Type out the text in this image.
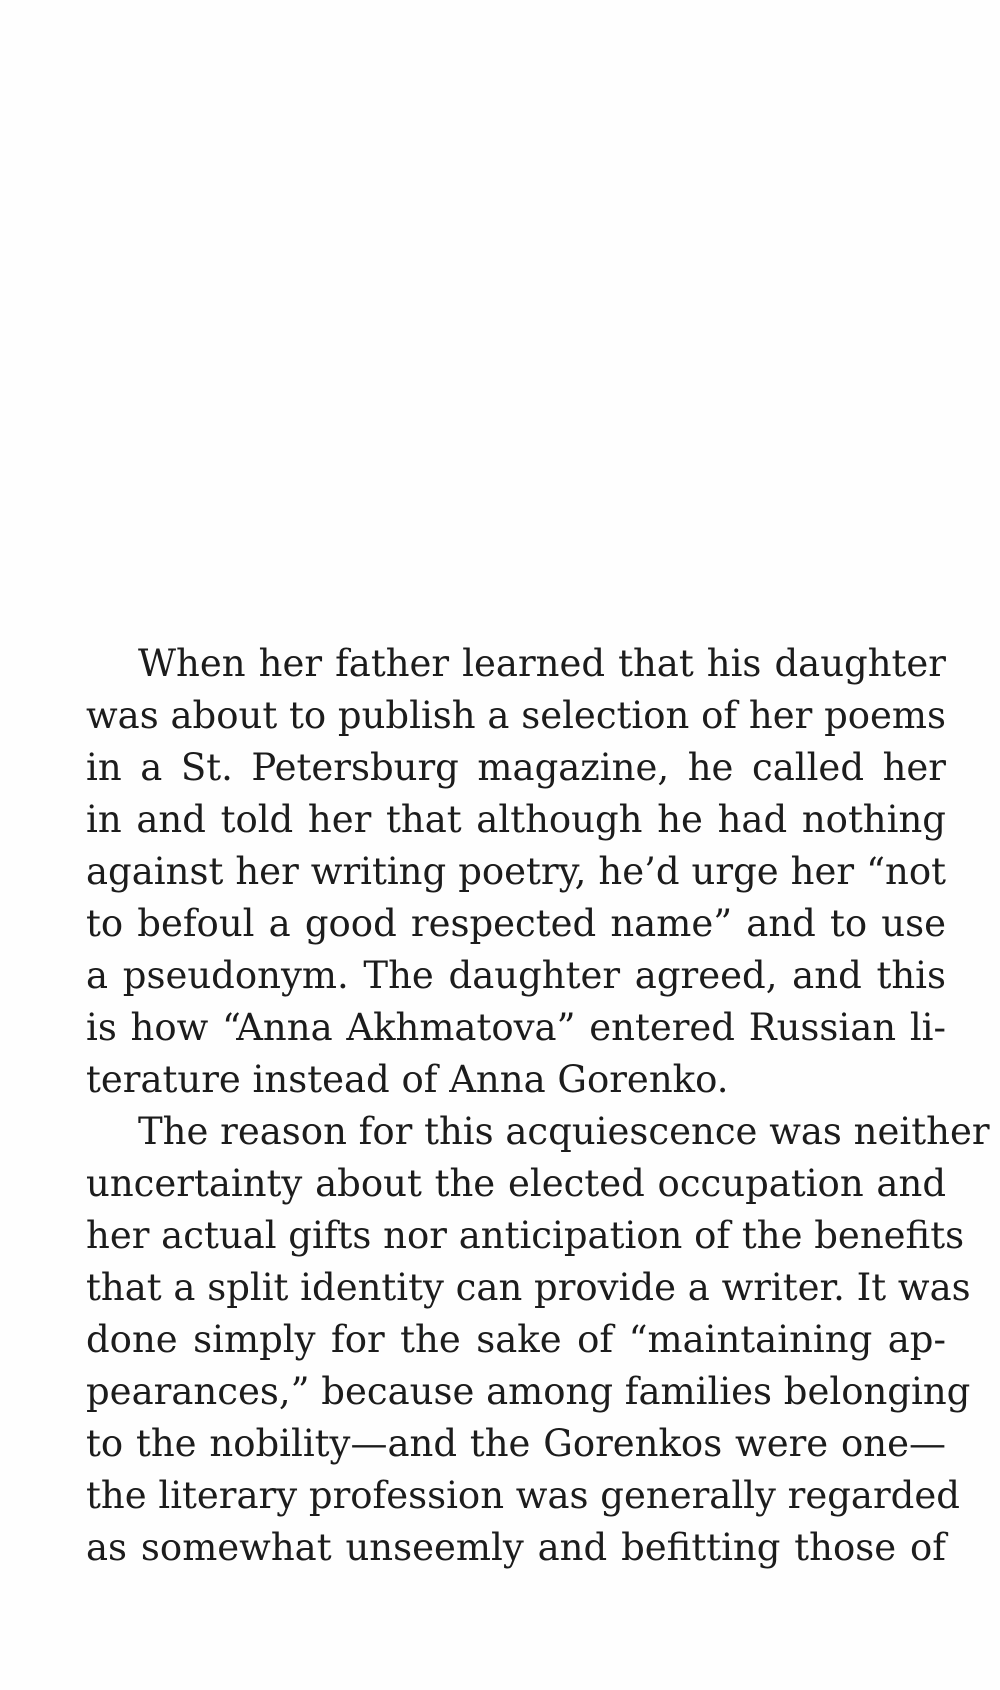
When her father learned that his daughter
was about to publish a selection of her poems
in a St. Petersburg magazine, he called her
in and told her that although he had nothing
against her writing poetry, he’d urge her “not
to befoul a good respected name” and to use
a pseudonym. The daughter agreed, and this
is how “Anna Akhmatova” entered Russian li-
terature instead of Anna Gorenko.
The reason for this acquiescence was neither
uncertainty about the elected occupation and
her actual gifts nor anticipation of the benefits
that a split identity can provide a writer. It was
done simply for the sake of “maintaining ap-
pearances,” because among families belonging
to the nobility—and the Gorenkos were one—
the literary profession was generally regarded
as somewhat unseemly and befitting those of
